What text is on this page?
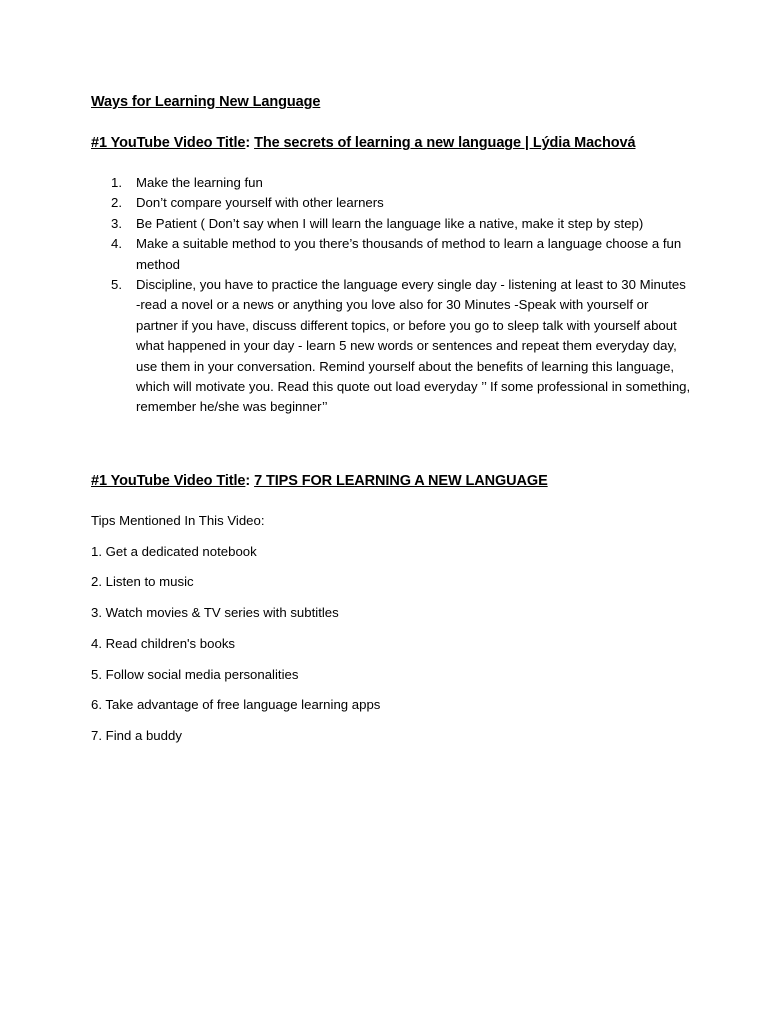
Ways for Learning New Language
#1 YouTube Video Title: The secrets of learning a new language | Lýdia Machová
1. Make the learning fun
2. Don’t compare yourself with other learners
3. Be Patient ( Don’t say when I will learn the language like a native, make it step by step)
4. Make a suitable method to you there’s thousands of method to learn a language choose a fun method
5. Discipline, you have to practice the language every single day - listening at least to 30 Minutes -read a novel or a news or anything you love also for 30 Minutes -Speak with yourself or partner if you have, discuss different topics, or before you go to sleep talk with yourself about what happened in your day - learn 5 new words or sentences and repeat them everyday day, use them in your conversation. Remind yourself about the benefits of learning this language, which will motivate you. Read this quote out load everyday ’’ If some professional in something, remember he/she was beginner’’
#1 YouTube Video Title: 7 TIPS FOR LEARNING A NEW LANGUAGE
Tips Mentioned In This Video:
1. Get a dedicated notebook
2. Listen to music
3. Watch movies & TV series with subtitles
4. Read children's books
5. Follow social media personalities
6. Take advantage of free language learning apps
7. Find a buddy
